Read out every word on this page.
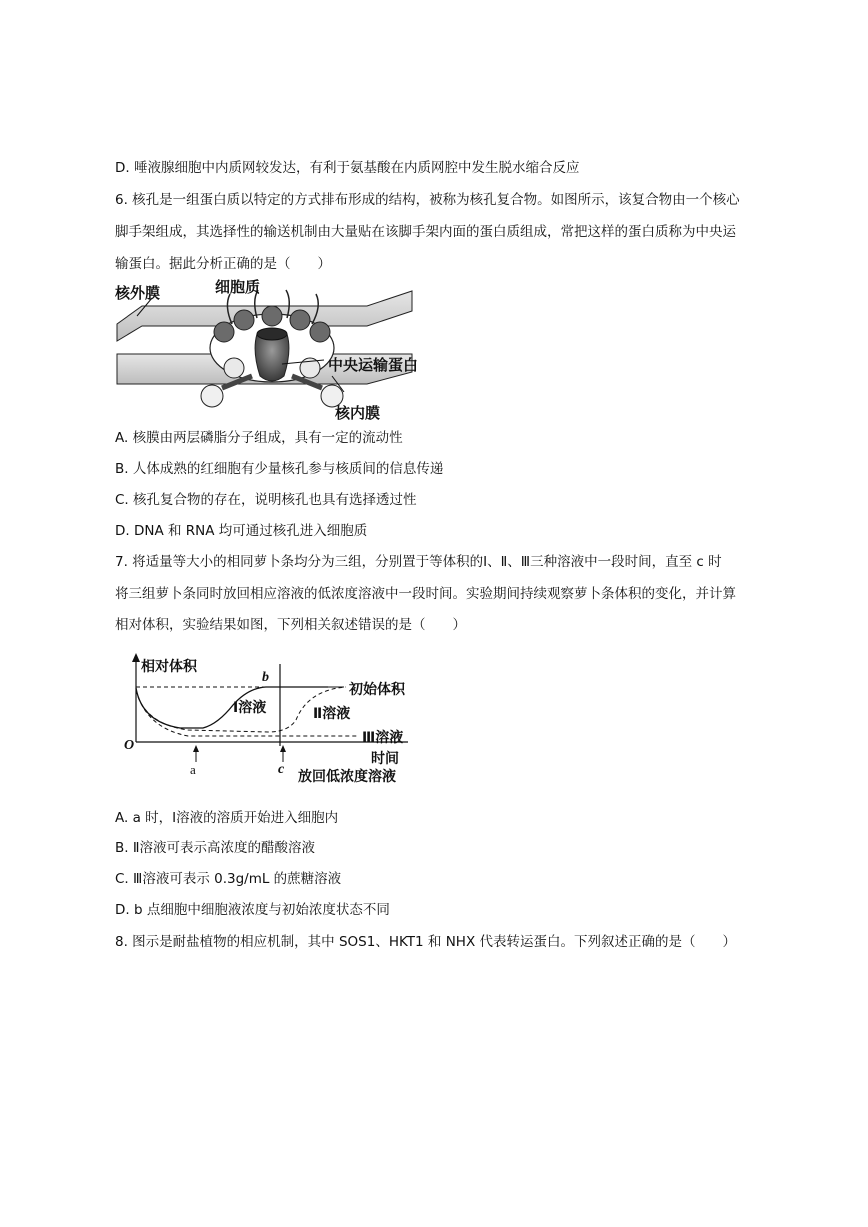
D. 唾液腺细胞中内质网较发达，有利于氨基酸在内质网腔中发生脱水缩合反应
6. 核孔是一组蛋白质以特定的方式排布形成的结构，被称为核孔复合物。如图所示，该复合物由一个核心
脚手架组成，其选择性的输送机制由大量贴在该脚手架内面的蛋白质组成，常把这样的蛋白质称为中央运
输蛋白。据此分析正确的是（　　）
核外膜	细胞质
中央运输蛋白
核内膜
A. 核膜由两层磷脂分子组成，具有一定的流动性
B. 人体成熟的红细胞有少量核孔参与核质间的信息传递
C. 核孔复合物的存在，说明核孔也具有选择透过性
D. DNA 和 RNA 均可通过核孔进入细胞质
7. 将适量等大小的相同萝卜条均分为三组，分别置于等体积的Ⅰ、Ⅱ、Ⅲ三种溶液中一段时间，直至 c 时
将三组萝卜条同时放回相应溶液的低浓度溶液中一段时间。实验期间持续观察萝卜条体积的变化，并计算
相对体积，实验结果如图，下列相关叙述错误的是（　　）
相对体积
O
时间
a
b
c
初始体积
Ⅰ溶液	Ⅱ溶液
Ⅲ溶液
放回低浓度溶液
A. a 时，Ⅰ溶液的溶质开始进入细胞内
B. Ⅱ溶液可表示高浓度的醋酸溶液
C. Ⅲ溶液可表示 0.3g/mL 的蔗糖溶液
D. b 点细胞中细胞液浓度与初始浓度状态不同
8. 图示是耐盐植物的相应机制，其中 SOS1、HKT1 和 NHX 代表转运蛋白。下列叙述正确的是（　　）
